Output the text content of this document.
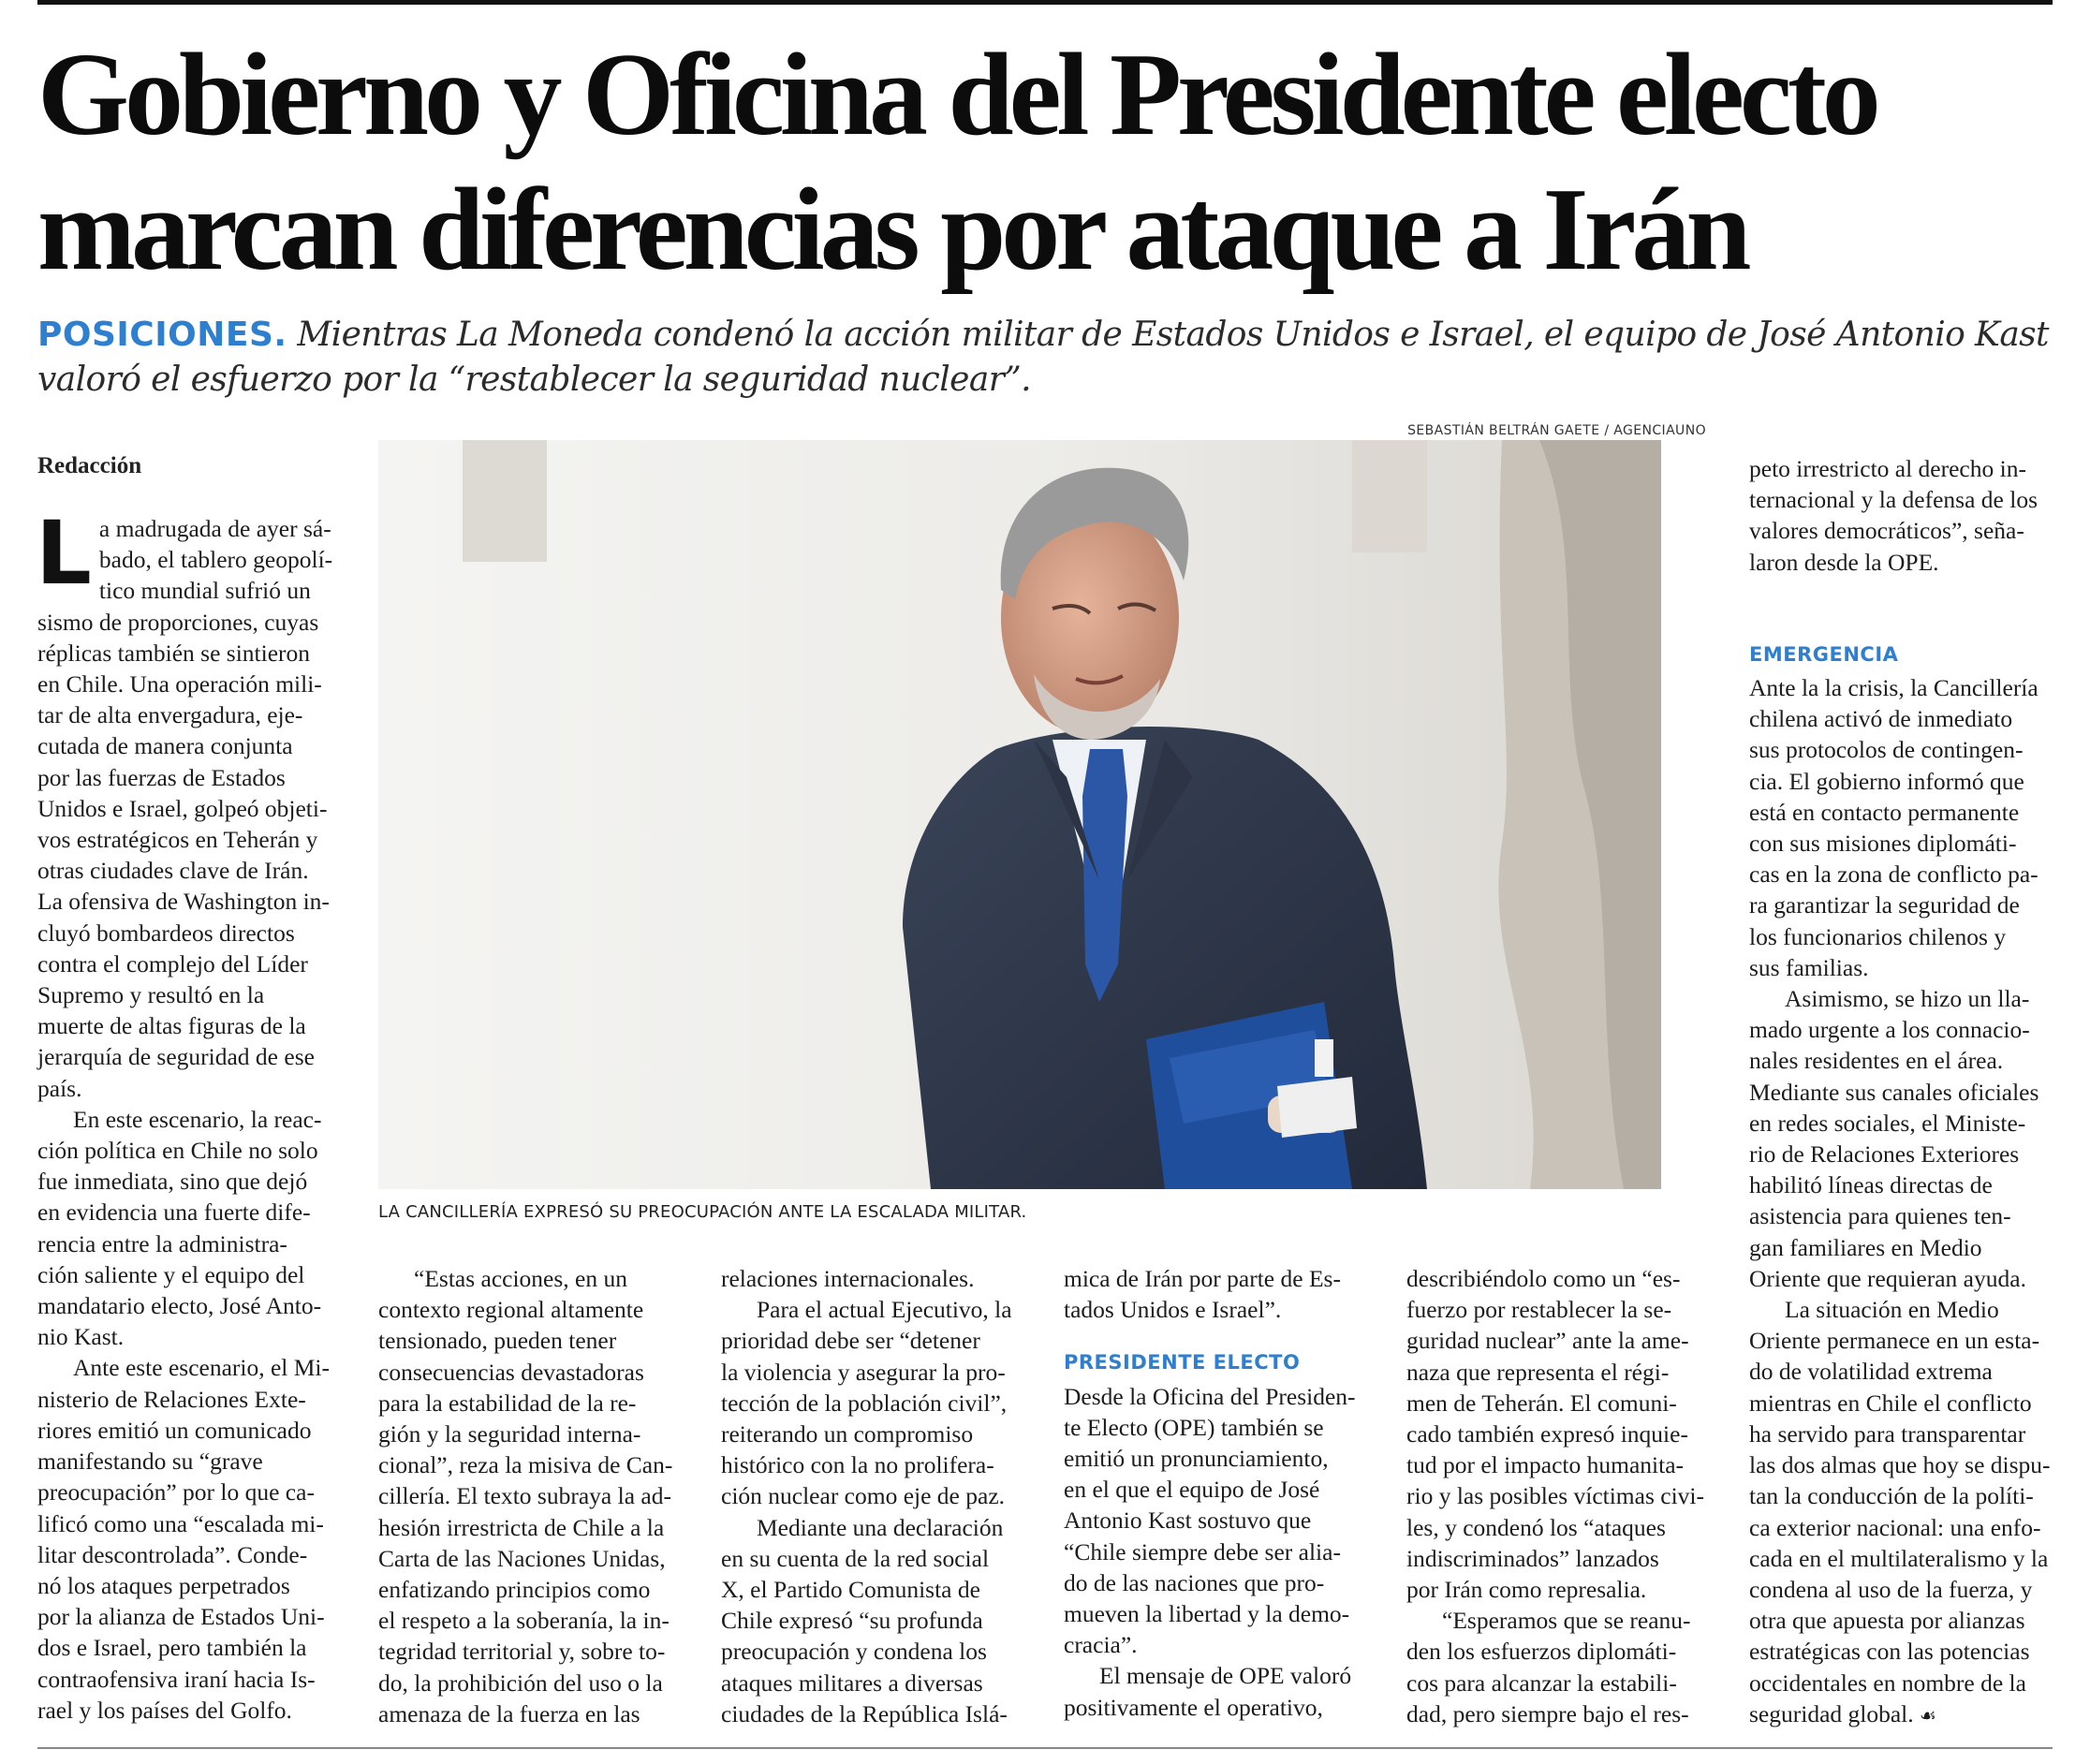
Gobierno y Oficina del Presidente electo
marcan diferencias por ataque a Irán
POSICIONES. Mientras La Moneda condenó la acción militar de Estados Unidos e Israel, el equipo de José Antonio Kast
valoró el esfuerzo por la “restablecer la seguridad nuclear”.
SEBASTIÁN BELTRÁN GAETE / AGENCIAUNO

Redacción

LA CANCILLERÍA EXPRESÓ SU PREOCUPACIÓN ANTE LA ESCALADA MILITAR.

L a madrugada de ayer sá-
bado, el tablero geopolí-
tico mundial sufrió un
sismo de proporciones, cuyas
réplicas también se sintieron
en Chile. Una operación mili-
tar de alta envergadura, eje-
cutada de manera conjunta
por las fuerzas de Estados
Unidos e Israel, golpeó objeti-
vos estratégicos en Teherán y
otras ciudades clave de Irán.
La ofensiva de Washington in-
cluyó bombardeos directos
contra el complejo del Líder
Supremo y resultó en la
muerte de altas figuras de la
jerarquía de seguridad de ese
país.

En este escenario, la reac-
ción política en Chile no solo
fue inmediata, sino que dejó
en evidencia una fuerte dife-
rencia entre la administra-
ción saliente y el equipo del
mandatario electo, José Anto-
nio Kast.

Ante este escenario, el Mi-
nisterio de Relaciones Exte-
riores emitió un comunicado
manifestando su “grave
preocupación” por lo que ca-
lificó como una “escalada mi-
litar descontrolada”. Conde-
nó los ataques perpetrados
por la alianza de Estados Uni-
dos e Israel, pero también la
contraofensiva iraní hacia Is-
rael y los países del Golfo.

“Estas acciones, en un
contexto regional altamente
tensionado, pueden tener
consecuencias devastadoras
para la estabilidad de la re-
gión y la seguridad interna-
cional”, reza la misiva de Can-
cillería. El texto subraya la ad-
hesión irrestricta de Chile a la
Carta de las Naciones Unidas,
enfatizando principios como
el respeto a la soberanía, la in-
tegridad territorial y, sobre to-
do, la prohibición del uso o la
amenaza de la fuerza en las

relaciones internacionales.

Para el actual Ejecutivo, la
prioridad debe ser “detener
la violencia y asegurar la pro-
tección de la población civil”,
reiterando un compromiso
histórico con la no prolifera-
ción nuclear como eje de paz.

Mediante una declaración
en su cuenta de la red social
X, el Partido Comunista de
Chile expresó “su profunda
preocupación y condena los
ataques militares a diversas
ciudades de la República Islá-

mica de Irán por parte de Es-
tados Unidos e Israel”.

PRESIDENTE ELECTO

Desde la Oficina del Presiden-
te Electo (OPE) también se
emitió un pronunciamiento,
en el que el equipo de José
Antonio Kast sostuvo que
“Chile siempre debe ser alia-
do de las naciones que pro-
mueven la libertad y la demo-
cracia”.

El mensaje de OPE valoró
positivamente el operativo,

describiéndolo como un “es-
fuerzo por restablecer la se-
guridad nuclear” ante la ame-
naza que representa el régi-
men de Teherán. El comuni-
cado también expresó inquie-
tud por el impacto humanita-
rio y las posibles víctimas civi-
les, y condenó los “ataques
indiscriminados” lanzados
por Irán como represalia.

“Esperamos que se reanu-
den los esfuerzos diplomáti-
cos para alcanzar la estabili-
dad, pero siempre bajo el res-

peto irrestricto al derecho in-
ternacional y la defensa de los
valores democráticos”, seña-
laron desde la OPE.

EMERGENCIA

Ante la la crisis, la Cancillería
chilena activó de inmediato
sus protocolos de contingen-
cia. El gobierno informó que
está en contacto permanente
con sus misiones diplomáti-
cas en la zona de conflicto pa-
ra garantizar la seguridad de
los funcionarios chilenos y
sus familias.

Asimismo, se hizo un lla-
mado urgente a los connacio-
nales residentes en el área.
Mediante sus canales oficiales
en redes sociales, el Ministe-
rio de Relaciones Exteriores
habilitó líneas directas de
asistencia para quienes ten-
gan familiares en Medio
Oriente que requieran ayuda.

La situación en Medio
Oriente permanece en un esta-
do de volatilidad extrema
mientras en Chile el conflicto
ha servido para transparentar
las dos almas que hoy se dispu-
tan la conducción de la políti-
ca exterior nacional: una enfo-
cada en el multilateralismo y la
condena al uso de la fuerza, y
otra que apuesta por alianzas
estratégicas con las potencias
occidentales en nombre de la
seguridad global. ☙
